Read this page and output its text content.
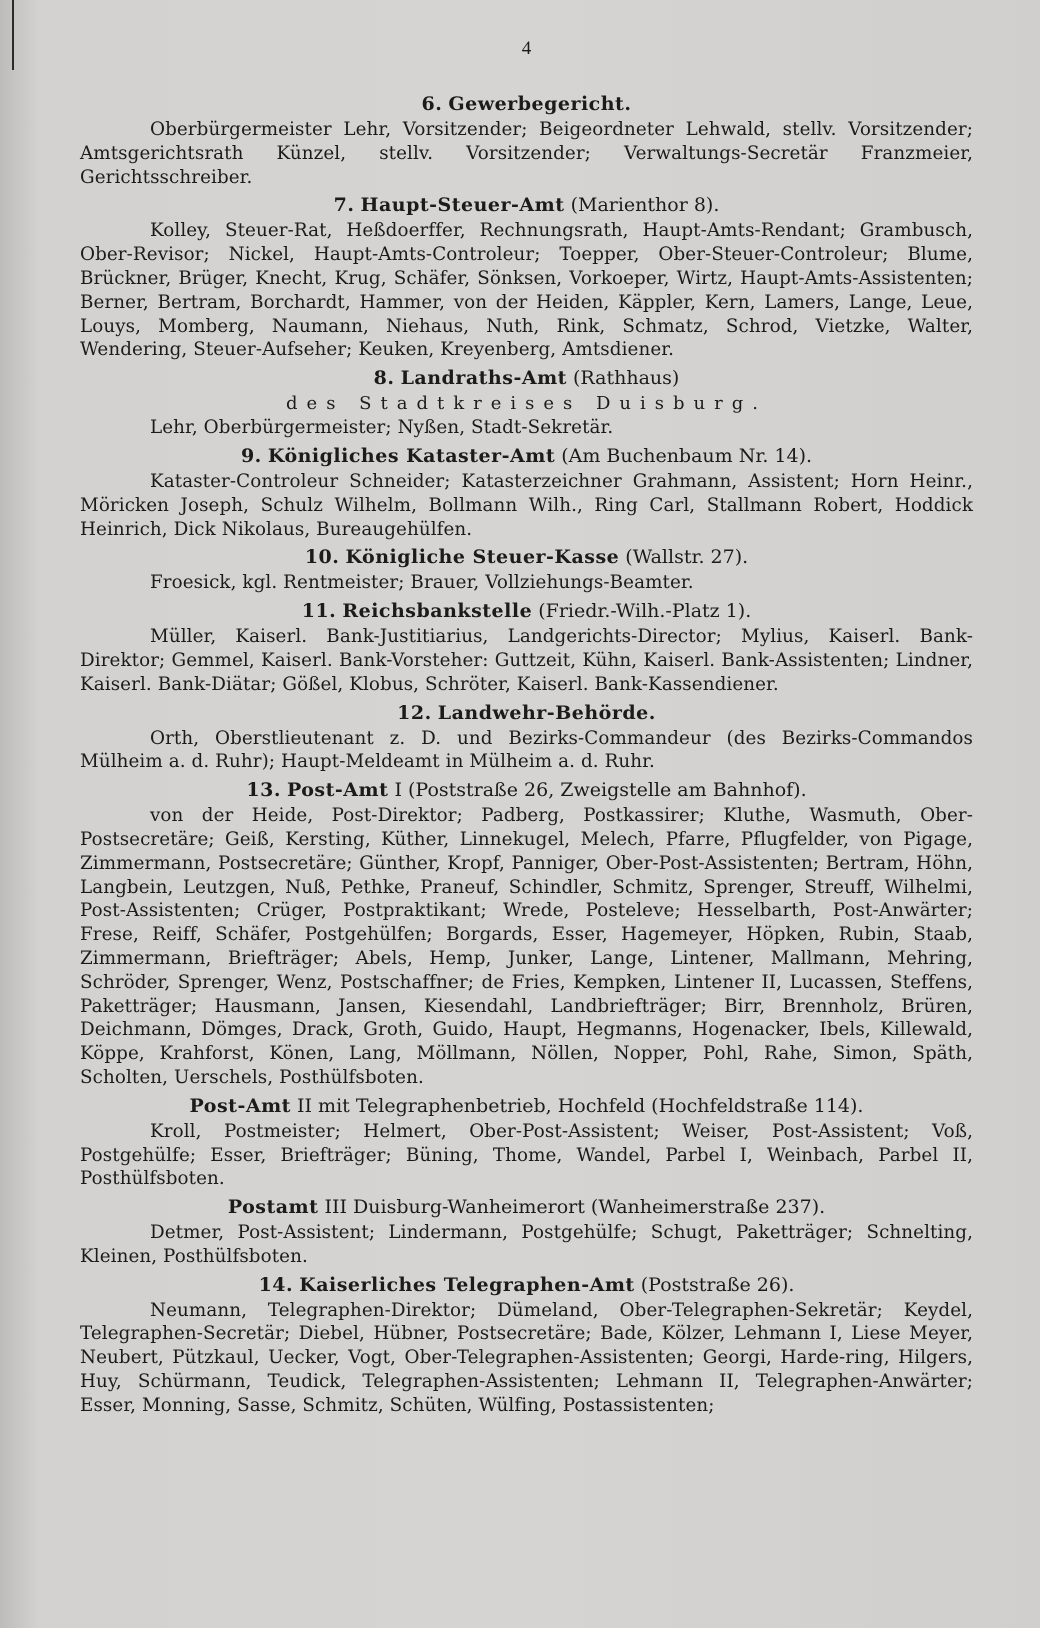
4
6. Gewerbegericht.

Oberbürgermeister Lehr, Vorsitzender; Beigeordneter Lehwald, stellv. Vorsitzender; Amtsgerichtsrath Künzel, stellv. Vorsitzender; Verwaltungs-Secretär Franzmeier, Gerichtsschreiber.

7. Haupt-Steuer-Amt (Marienthor 8).

Kolley, Steuer-Rat, Heßdoerffer, Rechnungsrath, Haupt-Amts-Rendant; Grambusch, Ober-Revisor; Nickel, Haupt-Amts-Controleur; Toepper, Ober-Steuer-Controleur; Blume, Brückner, Brüger, Knecht, Krug, Schäfer, Sönksen, Vorkoeper, Wirtz, Haupt-Amts-Assistenten; Berner, Bertram, Borchardt, Hammer, von der Heiden, Käppler, Kern, Lamers, Lange, Leue, Louys, Momberg, Naumann, Niehaus, Nuth, Rink, Schmatz, Schrod, Vietzke, Walter, Wendering, Steuer-Aufseher; Keuken, Kreyenberg, Amtsdiener.

8. Landraths-Amt (Rathhaus)
des Stadtkreises Duisburg.

Lehr, Oberbürgermeister; Nyßen, Stadt-Sekretär.

9. Königliches Kataster-Amt (Am Buchenbaum Nr. 14).

Kataster-Controleur Schneider; Katasterzeichner Grahmann, Assistent; Horn Heinr., Möricken Joseph, Schulz Wilhelm, Bollmann Wilh., Ring Carl, Stallmann Robert, Hoddick Heinrich, Dick Nikolaus, Bureaugehülfen.

10. Königliche Steuer-Kasse (Wallstr. 27).

Froesick, kgl. Rentmeister; Brauer, Vollziehungs-Beamter.

11. Reichsbankstelle (Friedr.-Wilh.-Platz 1).

Müller, Kaiserl. Bank-Justitiarius, Landgerichts-Director; Mylius, Kaiserl. Bank-Direktor; Gemmel, Kaiserl. Bank-Vorsteher: Guttzeit, Kühn, Kaiserl. Bank-Assistenten; Lindner, Kaiserl. Bank-Diätar; Gößel, Klobus, Schröter, Kaiserl. Bank-Kassendiener.

12. Landwehr-Behörde.

Orth, Oberstlieutenant z. D. und Bezirks-Commandeur (des Bezirks-Commandos Mülheim a. d. Ruhr); Haupt-Meldeamt in Mülheim a. d. Ruhr.

13. Post-Amt I (Poststraße 26, Zweigstelle am Bahnhof).

von der Heide, Post-Direktor; Padberg, Postkassirer; Kluthe, Wasmuth, Ober-Postsecretäre; Geiß, Kersting, Küther, Linnekugel, Melech, Pfarre, Pflugfelder, von Pigage, Zimmermann, Postsecretäre; Günther, Kropf, Panniger, Ober-Post-Assistenten; Bertram, Höhn, Langbein, Leutzgen, Nuß, Pethke, Praneuf, Schindler, Schmitz, Sprenger, Streuff, Wilhelmi, Post-Assistenten; Crüger, Postpraktikant; Wrede, Posteleve; Hesselbarth, Post-Anwärter; Frese, Reiff, Schäfer, Postgehülfen; Borgards, Esser, Hagemeyer, Höpken, Rubin, Staab, Zimmermann, Briefträger; Abels, Hemp, Junker, Lange, Lintener, Mallmann, Mehring, Schröder, Sprenger, Wenz, Postschaffner; de Fries, Kempken, Lintener II, Lucassen, Steffens, Paketträger; Hausmann, Jansen, Kiesendahl, Landbriefträger; Birr, Brennholz, Brüren, Deichmann, Dömges, Drack, Groth, Guido, Haupt, Hegmanns, Hogenacker, Ibels, Killewald, Köppe, Krahforst, Könen, Lang, Möllmann, Nöllen, Nopper, Pohl, Rahe, Simon, Späth, Scholten, Uerschels, Posthülfsboten.

Post-Amt II mit Telegraphenbetrieb, Hochfeld (Hochfeldstraße 114).

Kroll, Postmeister; Helmert, Ober-Post-Assistent; Weiser, Post-Assistent; Voß, Postgehülfe; Esser, Briefträger; Büning, Thome, Wandel, Parbel I, Weinbach, Parbel II, Posthülfsboten.

Postamt III Duisburg-Wanheimerort (Wanheimerstraße 237).

Detmer, Post-Assistent; Lindermann, Postgehülfe; Schugt, Paketträger; Schnelting, Kleinen, Posthülfsboten.

14. Kaiserliches Telegraphen-Amt (Poststraße 26).

Neumann, Telegraphen-Direktor; Dümeland, Ober-Telegraphen-Sekretär; Keydel, Telegraphen-Secretär; Diebel, Hübner, Postsecretäre; Bade, Kölzer, Lehmann I, Liese Meyer, Neubert, Pützkaul, Uecker, Vogt, Ober-Telegraphen-Assistenten; Georgi, Harde-ring, Hilgers, Huy, Schürmann, Teudick, Telegraphen-Assistenten; Lehmann II, Telegraphen-Anwärter; Esser, Monning, Sasse, Schmitz, Schüten, Wülfing, Postassistenten;
